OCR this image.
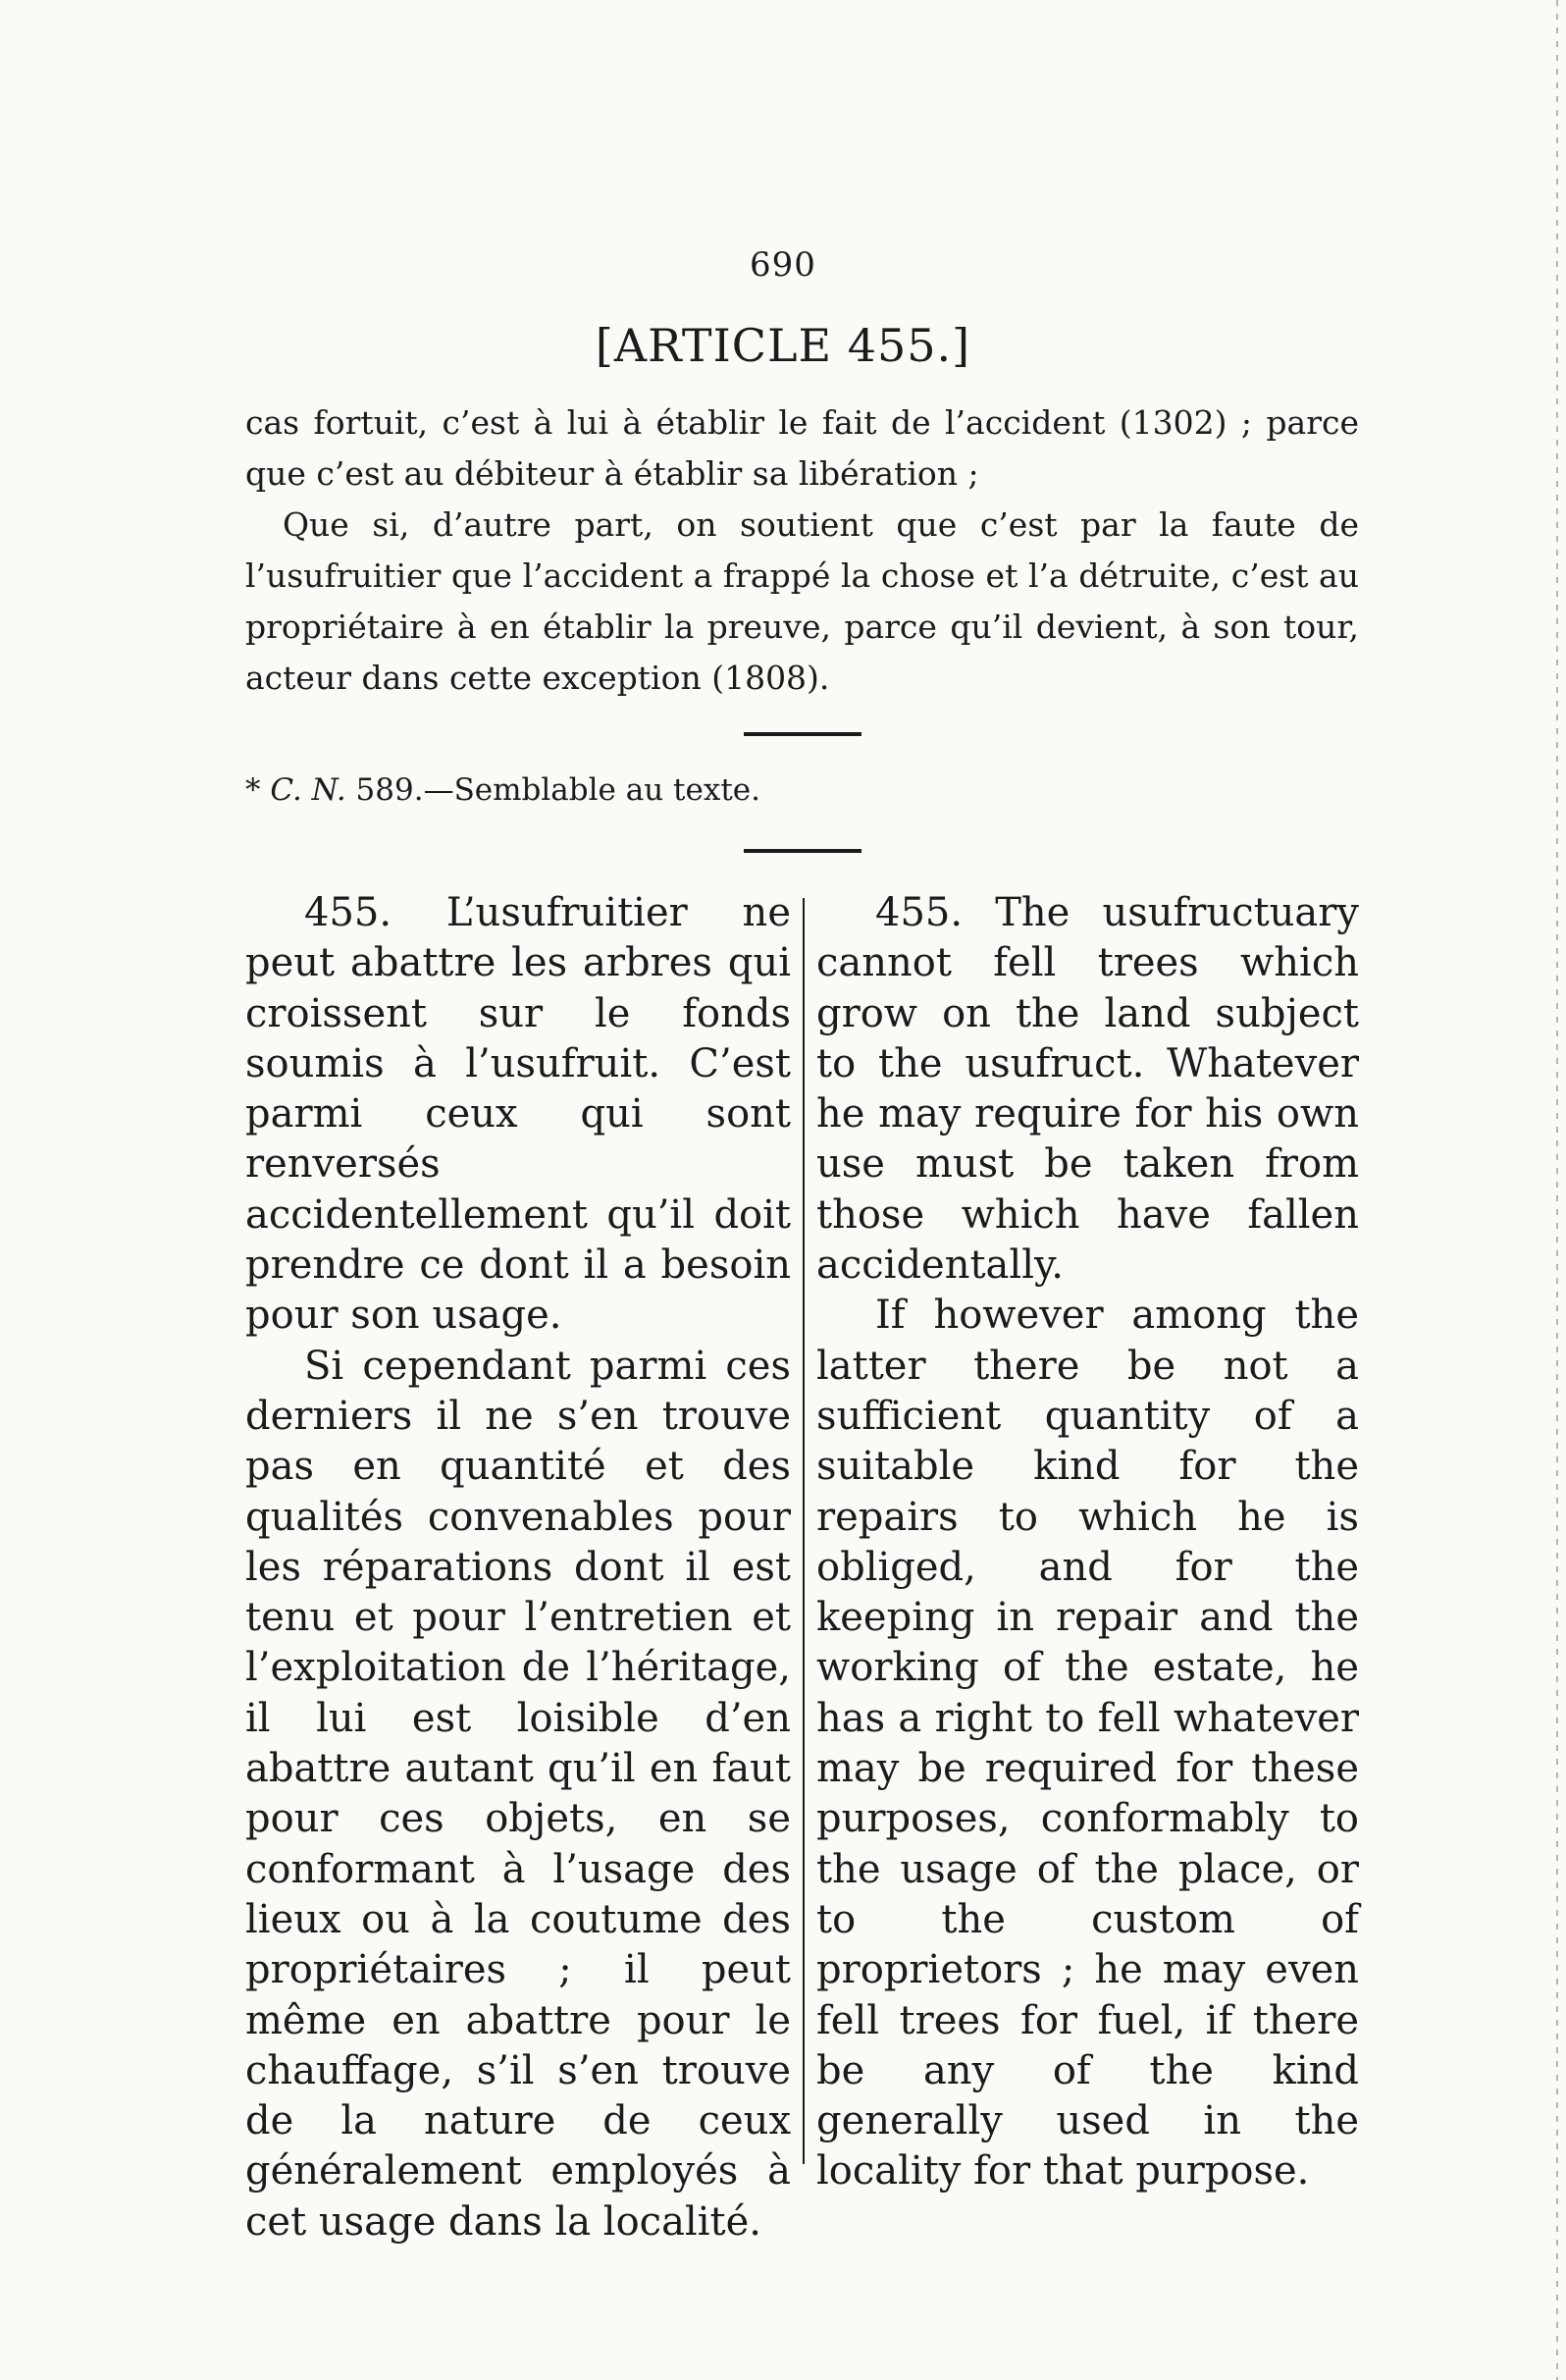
690
[ARTICLE 455.]

cas fortuit, c’est à lui à établir le fait de l’accident (1302) ; parce que c’est au débiteur à établir sa libération ;

Que si, d’autre part, on soutient que c’est par la faute de l’usufruitier que l’accident a frappé la chose et l’a détruite, c’est au propriétaire à en établir la preuve, parce qu’il devient, à son tour, acteur dans cette exception (1808).

* C. N. 589.—Semblable au texte.

455. L’usufruitier ne peut abattre les arbres qui croissent sur le fonds soumis à l’usufruit. C’est parmi ceux qui sont renversés accidentellement qu’il doit prendre ce dont il a besoin pour son usage.

Si cependant parmi ces derniers il ne s’en trouve pas en quantité et des qualités convenables pour les réparations dont il est tenu et pour l’entretien et l’exploitation de l’héritage, il lui est loisible d’en abattre autant qu’il en faut pour ces objets, en se conformant à l’usage des lieux ou à la coutume des propriétaires ; il peut même en abattre pour le chauffage, s’il s’en trouve de la nature de ceux généralement employés à cet usage dans la localité.

455. The usufructuary cannot fell trees which grow on the land subject to the usufruct. Whatever he may require for his own use must be taken from those which have fallen accidentally.

If however among the latter there be not a sufficient quantity of a suitable kind for the repairs to which he is obliged, and for the keeping in repair and the working of the estate, he has a right to fell whatever may be required for these purposes, conformably to the usage of the place, or to the custom of proprietors ; he may even fell trees for fuel, if there be any of the kind generally used in the locality for that purpose.
